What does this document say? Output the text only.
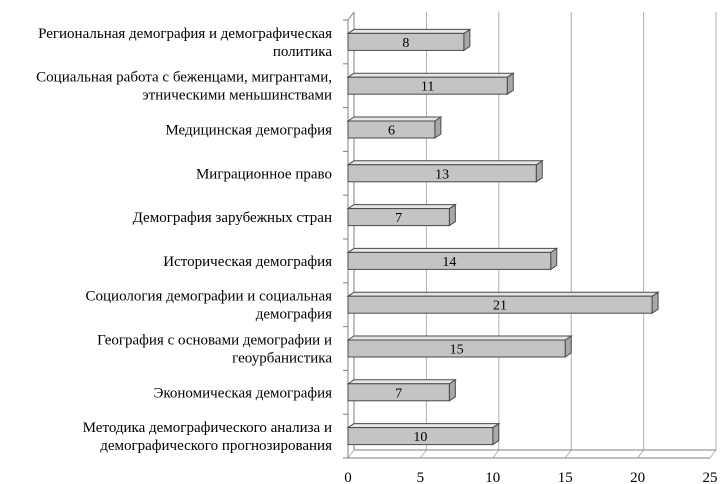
8
11
6
13
7
14
21
15
7
10
Региональная демография и демографическая политика
Социальная работа с беженцами, мигрантами, этническими меньшинствами
Медицинская демография
Миграционное право
Демография зарубежных стран
Историческая демография
Социология демографии и социальная демография
География с основами демографии и геоурбанистика
Экономическая демография
Методика демографического анализа и демографического прогнозирования
0	5	10	15	20	25
